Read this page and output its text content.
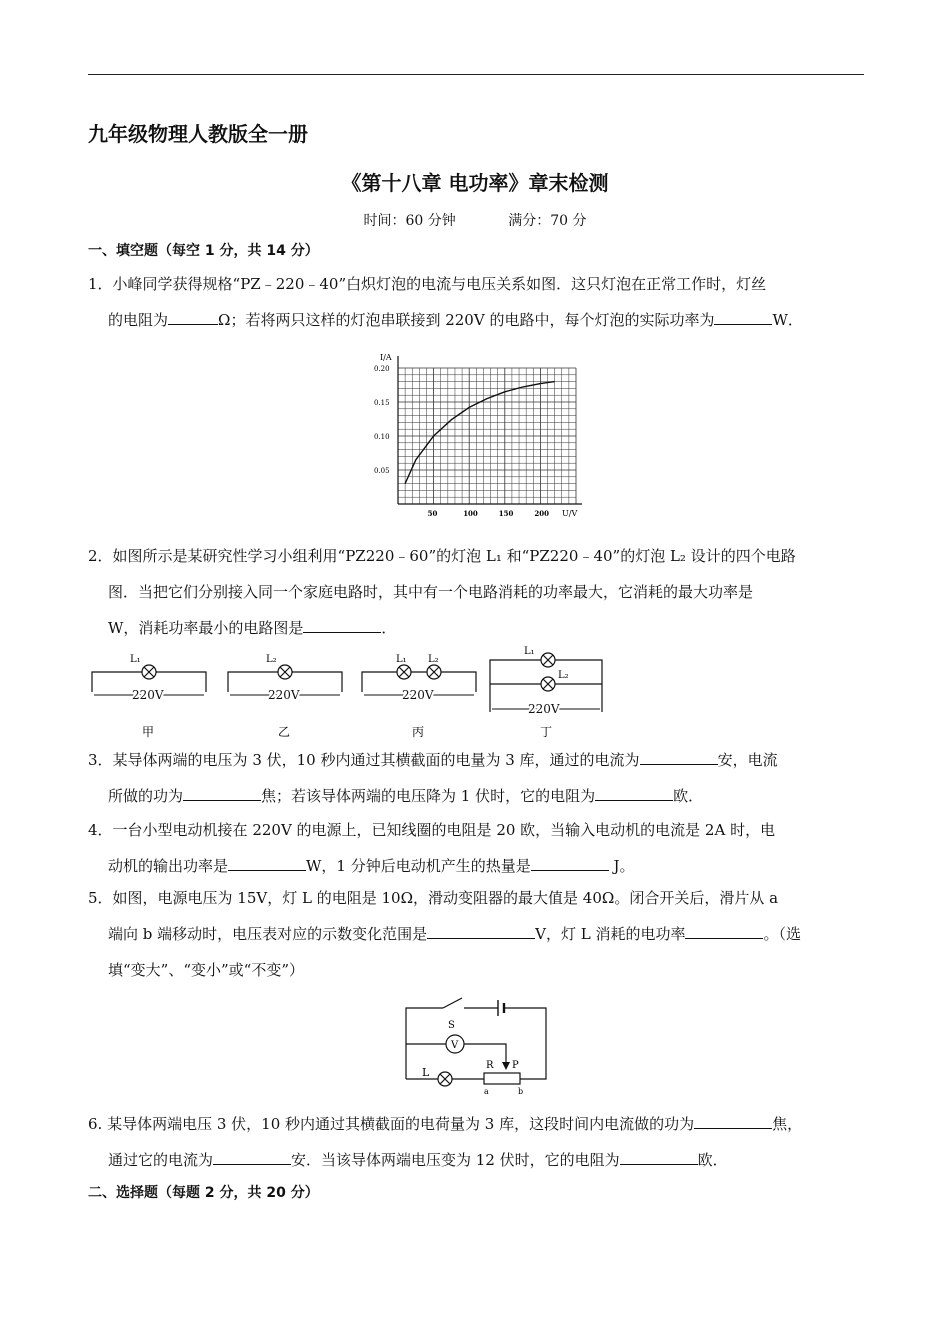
九年级物理人教版全一册
《第十八章 电功率》章末检测
时间：60 分钟	满分：70 分
一、填空题（每空 1 分，共 14 分）
1．小峰同学获得规格“PZ﹣220﹣40”白炽灯泡的电流与电压关系如图．这只灯泡在正常工作时，灯丝
的电阻为	Ω；若将两只这样的灯泡串联接到 220V 的电路中，每个灯泡的实际功率为	W．
0.05
0.10
0.15
0.20
50	100	150	200
I/A
U/V
2．如图所示是某研究性学习小组利用“PZ220﹣60”的灯泡 L₁ 和“PZ220﹣40”的灯泡 L₂ 设计的四个电路
图．当把它们分别接入同一个家庭电路时，其中有一个电路消耗的功率最大，它消耗的最大功率是
W，消耗功率最小的电路图是	．
L₁
220V
甲
L₂
220V
乙
L₁ L₂
220V
丙
L₁
L₂
220V
丁
3．某导体两端的电压为 3 伏，10 秒内通过其横截面的电量为 3 库，通过的电流为	安，电流
所做的功为	焦；若该导体两端的电压降为 1 伏时，它的电阻为	欧．
4．一台小型电动机接在 220V 的电源上，已知线圈的电阻是 20 欧，当输入电动机的电流是 2A 时，电
动机的输出功率是	W，1 分钟后电动机产生的热量是	J。
5．如图，电源电压为 15V，灯 L 的电阻是 10Ω，滑动变阻器的最大值是 40Ω。闭合开关后，滑片从 a
端向 b 端移动时，电压表对应的示数变化范围是	V，灯 L 消耗的电功率	。（选
填“变大”、“变小”或“不变”）
S
V
L
R P
a	b
6. 某导体两端电压 3 伏，10 秒内通过其横截面的电荷量为 3 库，这段时间内电流做的功为	焦，
通过它的电流为	安．当该导体两端电压变为 12 伏时，它的电阻为	欧．
二、选择题（每题 2 分，共 20 分）
